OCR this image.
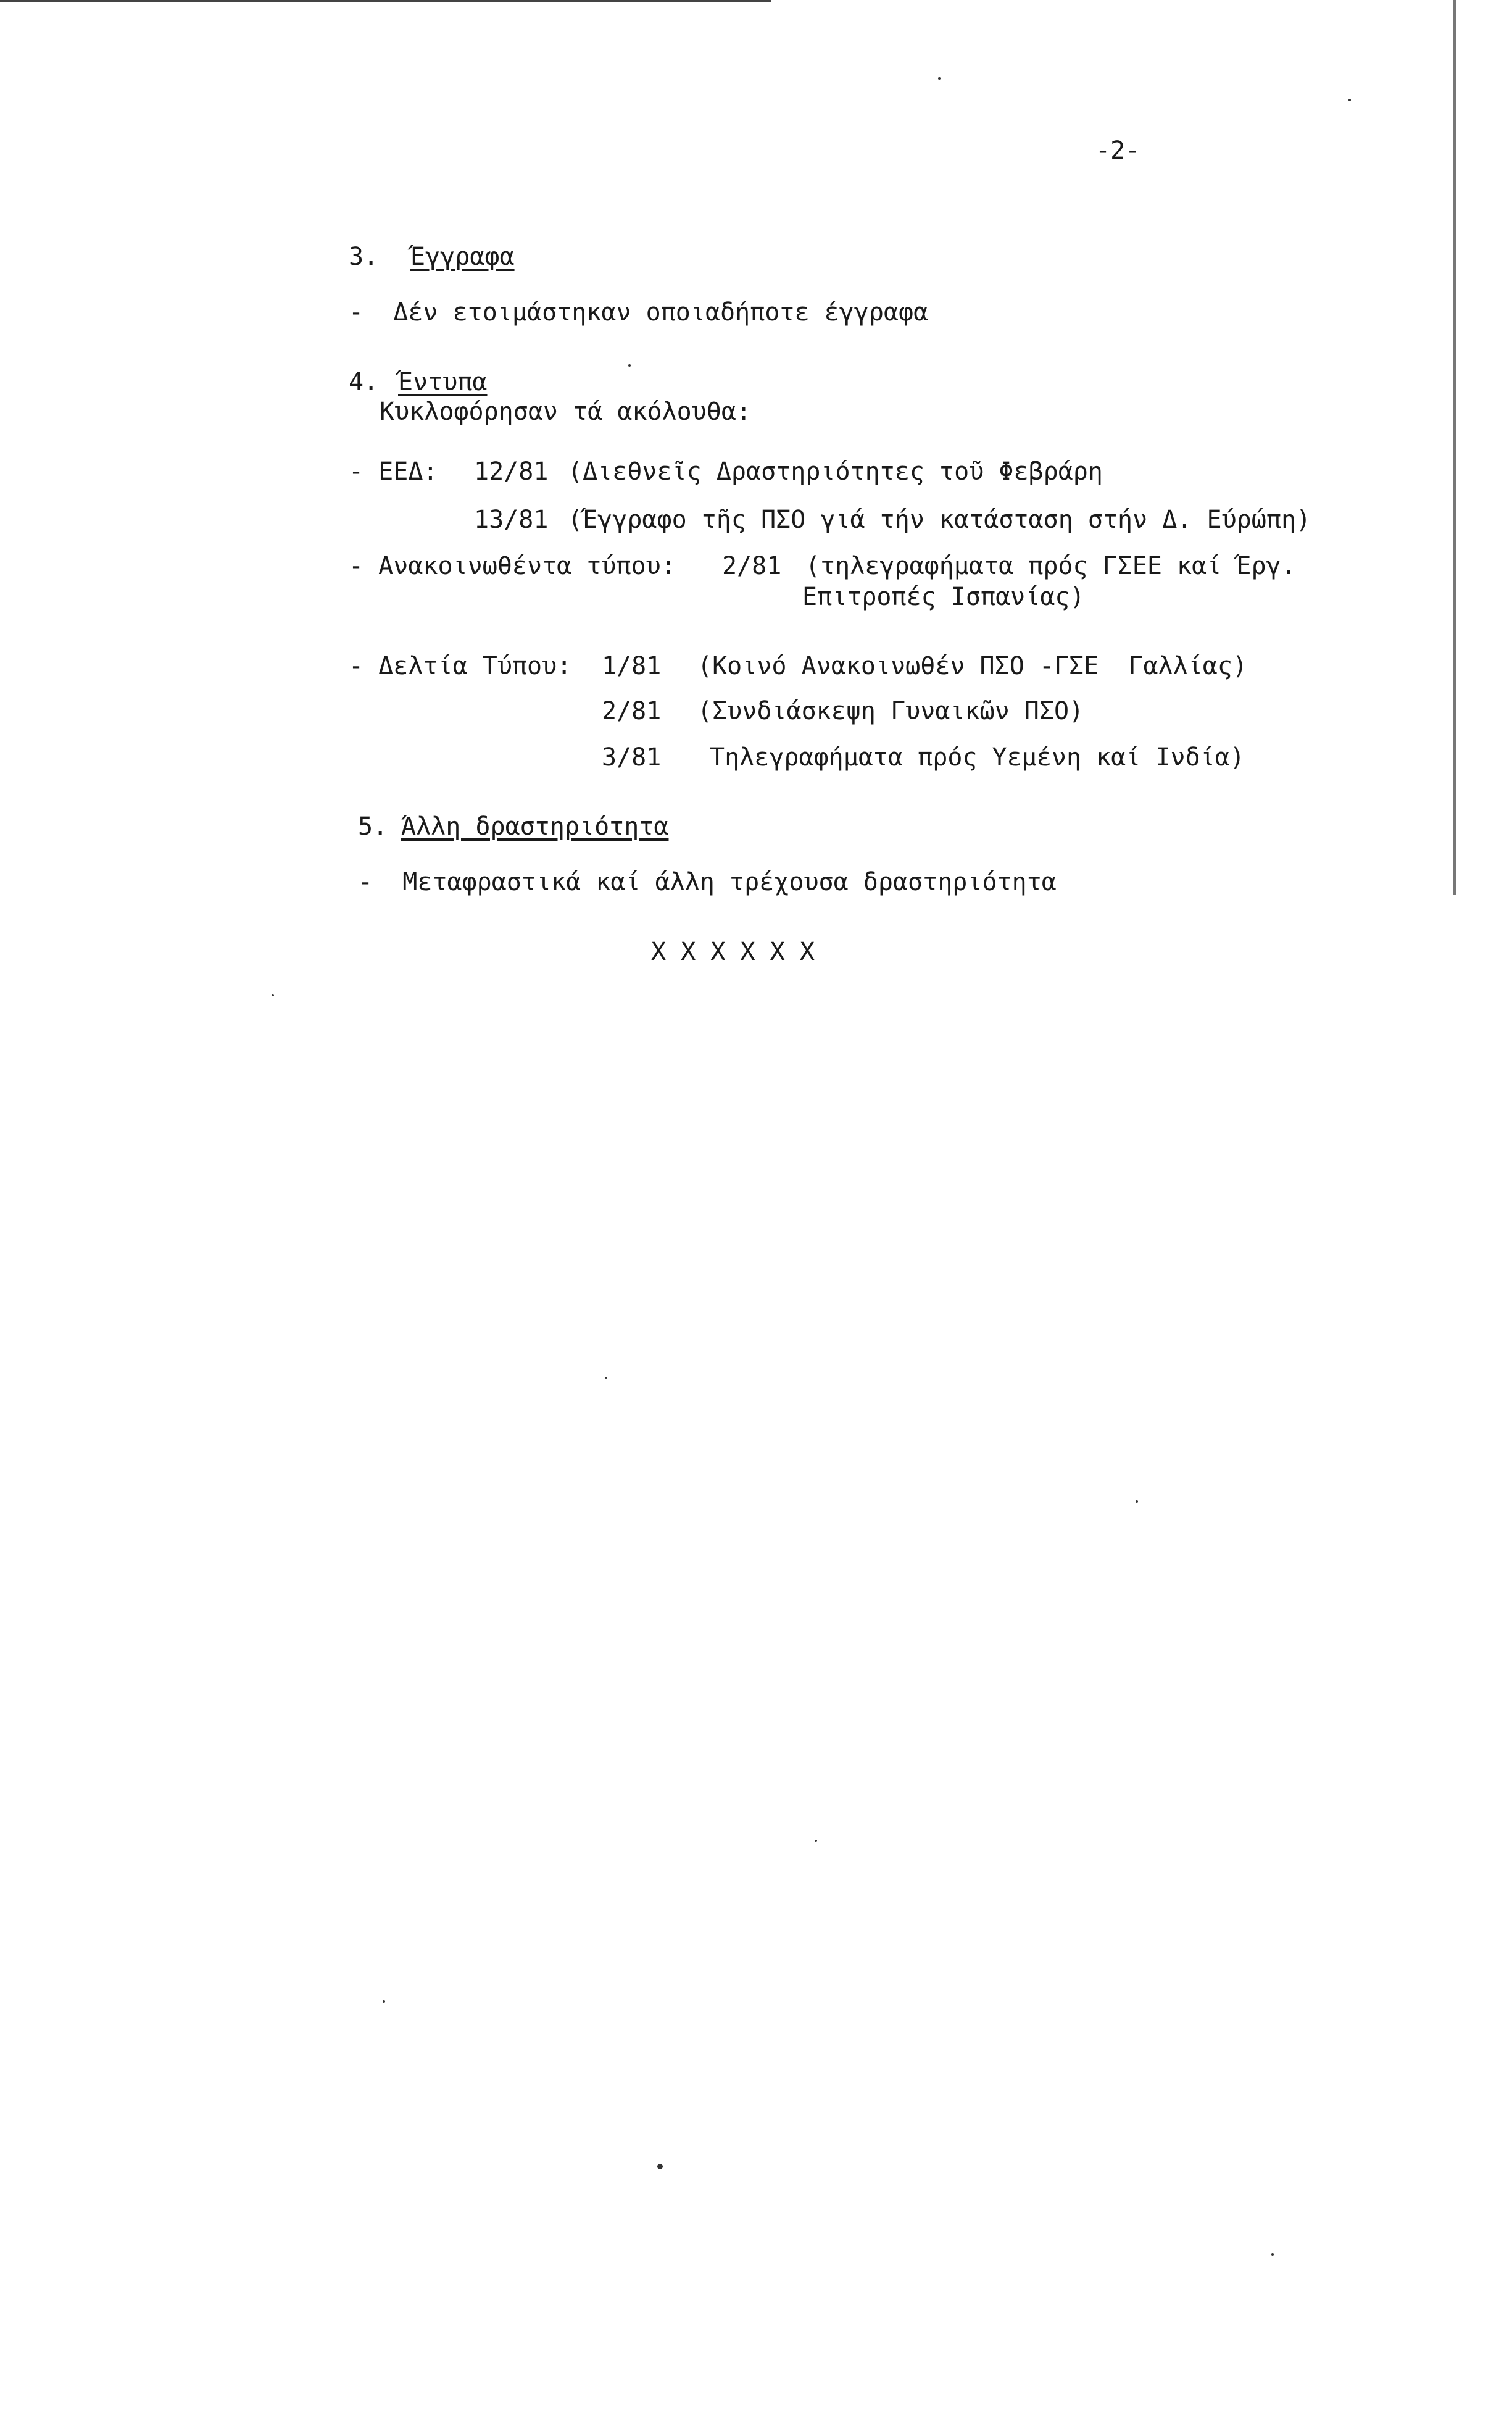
-2-
3. Έγγραφα
-  Δέν ετοιμάστηκαν οποιαδήποτε έγγραφα
4. Έντυπα
Κυκλοφόρησαν τά ακόλουθα:
- ΕΕΔ: 12/81 (Διεθνεῖς Δραστηριότητες τοῦ Φεβράρη
13/81 (Έγγραφο τῆς ΠΣΟ γιά τήν κατάσταση στήν Δ. Εύρώπη)
- Ανακοινωθέντα τύπου: 2/81 (τηλεγραφήματα πρός ΓΣΕΕ καί Έργ.
Επιτροπές Ισπανίας)
- Δελτία Τύπου: 1/81 (Κοινό Ανακοινωθέν ΠΣΟ -ΓΣΕ  Γαλλίας)
2/81 (Συνδιάσκεψη Γυναικῶν ΠΣΟ)
3/81 Τηλεγραφήματα πρός Υεμένη καί Ινδία)
5. Άλλη δραστηριότητα
-  Μεταφραστικά καί άλλη τρέχουσα δραστηριότητα
X X X X X X
